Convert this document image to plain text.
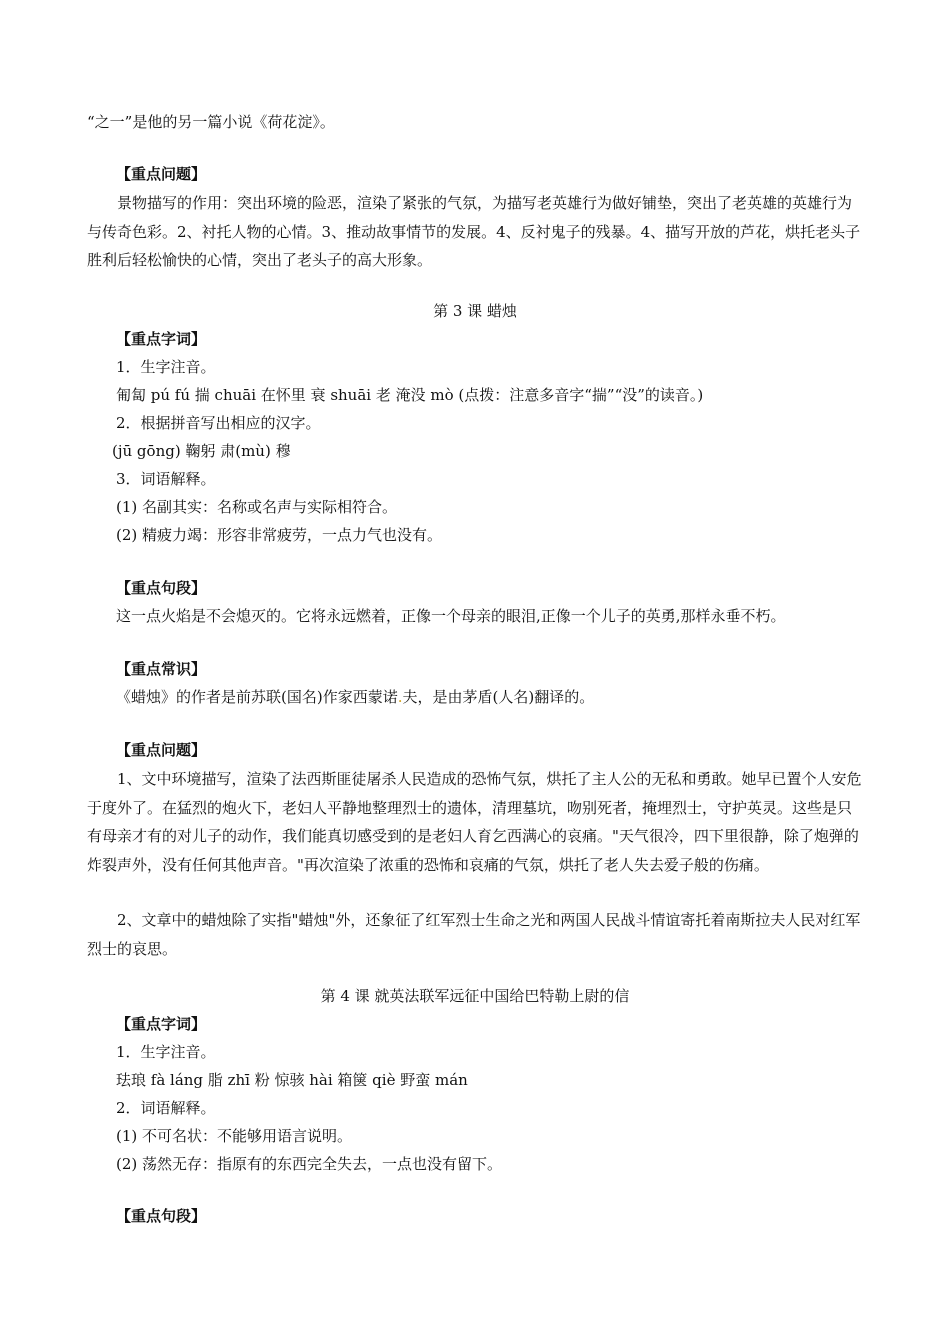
“之一”是他的另一篇小说《荷花淀》。
【重点问题】
景物描写的作用：突出环境的险恶，渲染了紧张的气氛，为描写老英雄行为做好铺垫，突出了老英雄的英雄行为与传奇色彩。2、衬托人物的心情。3、推动故事情节的发展。4、反衬鬼子的残暴。4、描写开放的芦花，烘托老头子胜利后轻松愉快的心情，突出了老头子的高大形象。
第 3 课 蜡烛
【重点字词】
1．生字注音。
匍匐 pú fú 揣 chuāi 在怀里 衰 shuāi 老 淹没 mò (点拨：注意多音字“揣”“没”的读音。)
2．根据拼音写出相应的汉字。
(jū gōng) 鞠躬 肃(mù) 穆
3．词语解释。
(1) 名副其实：名称或名声与实际相符合。
(2) 精疲力竭：形容非常疲劳，一点力气也没有。
【重点句段】
这一点火焰是不会熄灭的。它将永远燃着，正像一个母亲的眼泪,正像一个儿子的英勇,那样永垂不朽。
【重点常识】
《蜡烛》的作者是前苏联(国名)作家西蒙诺.夫，是由茅盾(人名)翻译的。
【重点问题】
1、文中环境描写，渲染了法西斯匪徒屠杀人民造成的恐怖气氛，烘托了主人公的无私和勇敢。她早已置个人安危于度外了。在猛烈的炮火下，老妇人平静地整理烈士的遗体，清理墓坑，吻别死者，掩埋烈士，守护英灵。这些是只有母亲才有的对儿子的动作，我们能真切感受到的是老妇人育乞西满心的哀痛。"天气很冷，四下里很静，除了炮弹的炸裂声外，没有任何其他声音。"再次渲染了浓重的恐怖和哀痛的气氛，烘托了老人失去爱子般的伤痛。
2、文章中的蜡烛除了实指"蜡烛"外，还象征了红军烈士生命之光和两国人民战斗情谊寄托着南斯拉夫人民对红军烈士的哀思。
第 4 课 就英法联军远征中国给巴特勒上尉的信
【重点字词】
1．生字注音。
珐琅 fà láng 脂 zhī 粉 惊骇 hài 箱箧 qiè 野蛮 mán
2．词语解释。
(1) 不可名状：不能够用语言说明。
(2) 荡然无存：指原有的东西完全失去，一点也没有留下。
【重点句段】
